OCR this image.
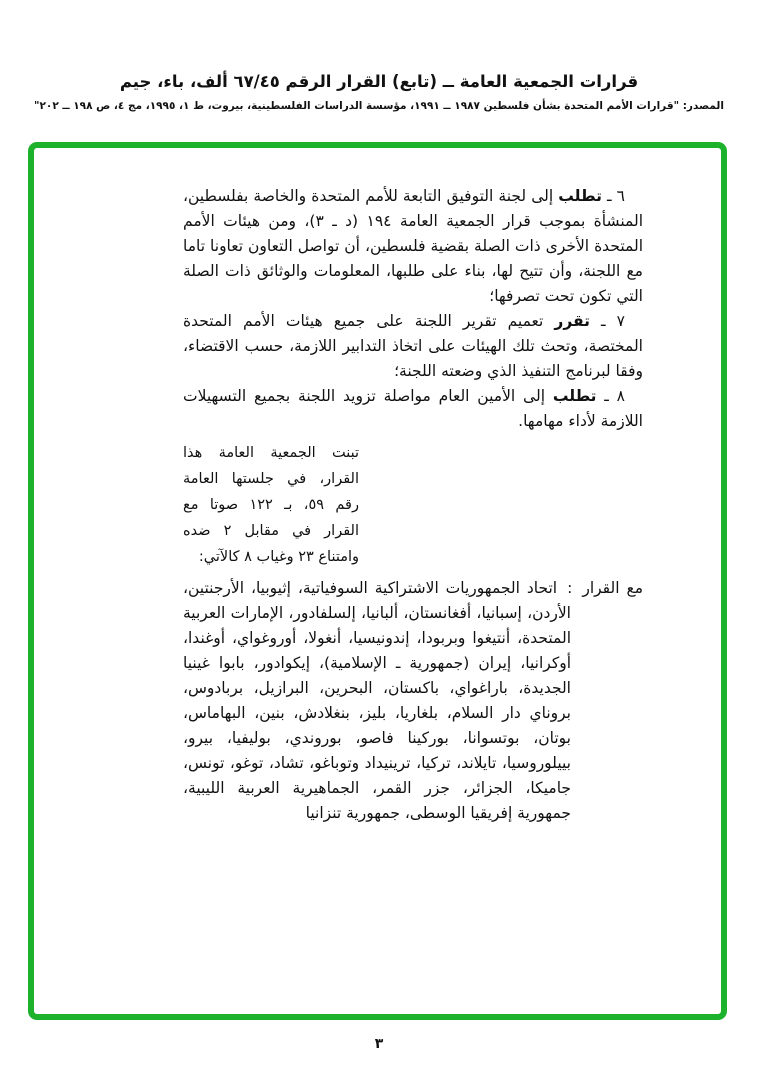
قرارات الجمعية العامة ــ (تابع) القرار الرقم ٦٧/٤٥ ألف، باء، جيم
المصدر: "قرارات الأمم المتحدة بشأن فلسطين ١٩٨٧ ــ ١٩٩١، مؤسسة الدراسات الفلسطينية، بيروت، ط ١، ١٩٩٥، مج ٤، ص ١٩٨ ــ ٢٠٢"

٦ ـ تطلب إلى لجنة التوفيق التابعة للأمم المتحدة والخاصة بفلسطين، المنشأة بموجب قرار الجمعية العامة ١٩٤ (د ـ ٣)، ومن هيئات الأمم المتحدة الأخرى ذات الصلة بقضية فلسطين، أن تواصل التعاون تعاونا تاما مع اللجنة، وأن تتيح لها، بناء على طلبها، المعلومات والوثائق ذات الصلة التي تكون تحت تصرفها؛

٧ ـ تقرر تعميم تقرير اللجنة على جميع هيئات الأمم المتحدة المختصة، وتحث تلك الهيئات على اتخاذ التدابير اللازمة، حسب الاقتضاء، وفقا لبرنامج التنفيذ الذي وضعته اللجنة؛

٨ ـ تطلب إلى الأمين العام مواصلة تزويد اللجنة بجميع التسهيلات اللازمة لأداء مهامها.

تبنت الجمعية العامة هذا القرار، في جلستها العامة رقم ٥٩، بـ ١٢٢ صوتا مع القرار في مقابل ٢ ضده وامتناع ٢٣ وغياب ٨ كالآتي:
مع القرار:اتحاد الجمهوريات الاشتراكية السوفياتية، إثيوبيا، الأرجنتين، الأردن، إسبانيا، أفغانستان، ألبانيا، إلسلفادور، الإمارات العربية المتحدة، أنتيغوا وبربودا، إندونيسيا، أنغولا، أوروغواي، أوغندا، أوكرانيا، إيران (جمهورية ـ الإسلامية)، إيكوادور، بابوا غينيا الجديدة، باراغواي، باكستان، البحرين، البرازيل، بربادوس، بروناي دار السلام، بلغاريا، بليز، بنغلادش، بنين، البهاماس، بوتان، بوتسوانا، بوركينا فاصو، بوروندي، بوليفيا، بيرو، بييلوروسيا، تايلاند، تركيا، ترينيداد وتوباغو، تشاد، توغو، تونس، جاميكا، الجزائر، جزر القمر، الجماهيرية العربية الليبية، جمهورية إفريقيا الوسطى، جمهورية تنزانيا
٣
